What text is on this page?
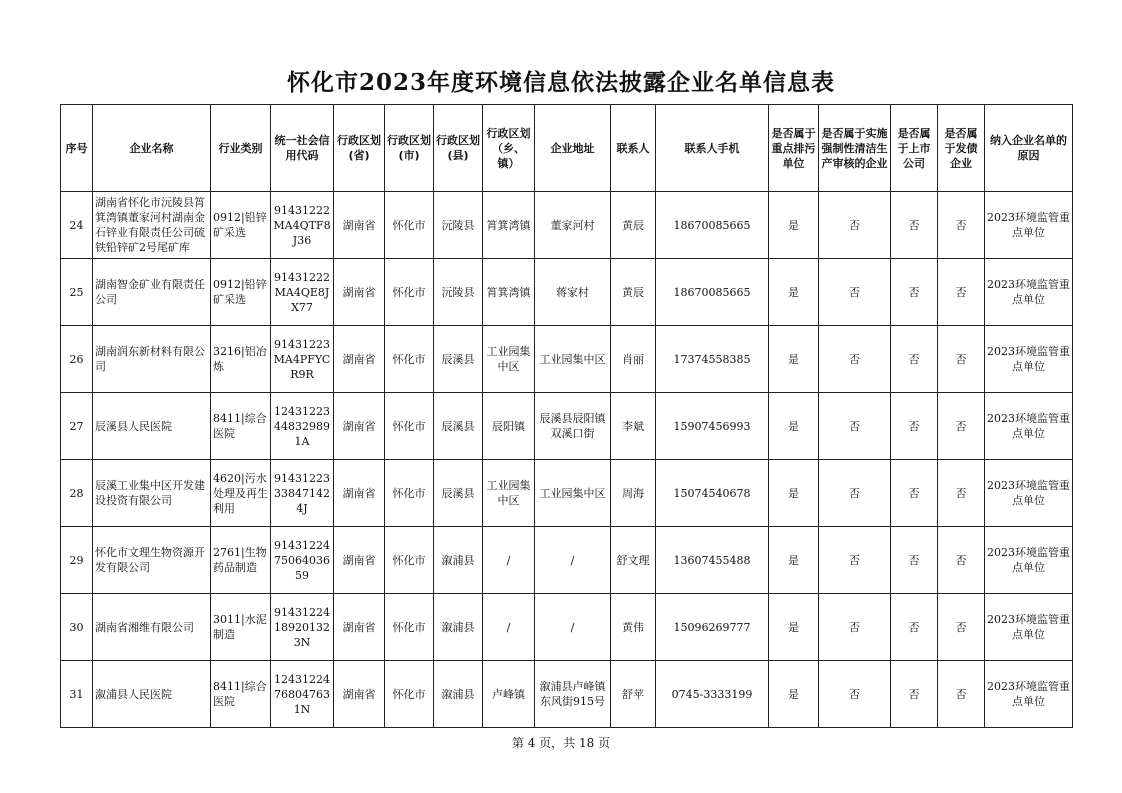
怀化市2023年度环境信息依法披露企业名单信息表
序号	企业名称	行业类别	统一社会信用代码	行政区划(省)	行政区划(市)	行政区划(县)	行政区划（乡、镇）	企业地址	联系人	联系人手机	是否属于重点排污单位	是否属于实施强制性清洁生产审核的企业	是否属于上市公司	是否属于发债企业	纳入企业名单的原因
24	湖南省怀化市沅陵县筲箕湾镇董家河村湖南金石锌业有限责任公司硫铁铅锌矿2号尾矿库	0912|铅锌矿采选	91431222MA4QTF8J36	湖南省	怀化市	沅陵县	筲箕湾镇	董家河村	黄辰	18670085665	是	否	否	否	2023环境监管重点单位
25	湖南智金矿业有限责任公司	0912|铅锌矿采选	91431222MA4QE8JX77	湖南省	怀化市	沅陵县	筲箕湾镇	蒋家村	黄辰	18670085665	是	否	否	否	2023环境监管重点单位
26	湖南润东新材料有限公司	3216|铝冶炼	91431223MA4PFYCR9R	湖南省	怀化市	辰溪县	工业园集中区	工业园集中区	肖丽	17374558385	是	否	否	否	2023环境监管重点单位
27	辰溪县人民医院	8411|综合医院	12431223448329891A	湖南省	怀化市	辰溪县	辰阳镇	辰溪县辰阳镇双溪口街	李斌	15907456993	是	否	否	否	2023环境监管重点单位
28	辰溪工业集中区开发建设投资有限公司	4620|污水处理及再生利用	91431223338471424J	湖南省	怀化市	辰溪县	工业园集中区	工业园集中区	周海	15074540678	是	否	否	否	2023环境监管重点单位
29	怀化市文理生物资源开发有限公司	2761|生物药品制造	914312247506403659	湖南省	怀化市	溆浦县	/	/	舒文理	13607455488	是	否	否	否	2023环境监管重点单位
30	湖南省湘维有限公司	3011|水泥制造	91431224189201323N	湖南省	怀化市	溆浦县	/	/	黄伟	15096269777	是	否	否	否	2023环境监管重点单位
31	溆浦县人民医院	8411|综合医院	12431224768047631N	湖南省	怀化市	溆浦县	卢峰镇	溆浦县卢峰镇东风街915号	舒苹	0745-3333199	是	否	否	否	2023环境监管重点单位
第 4 页，共 18 页
